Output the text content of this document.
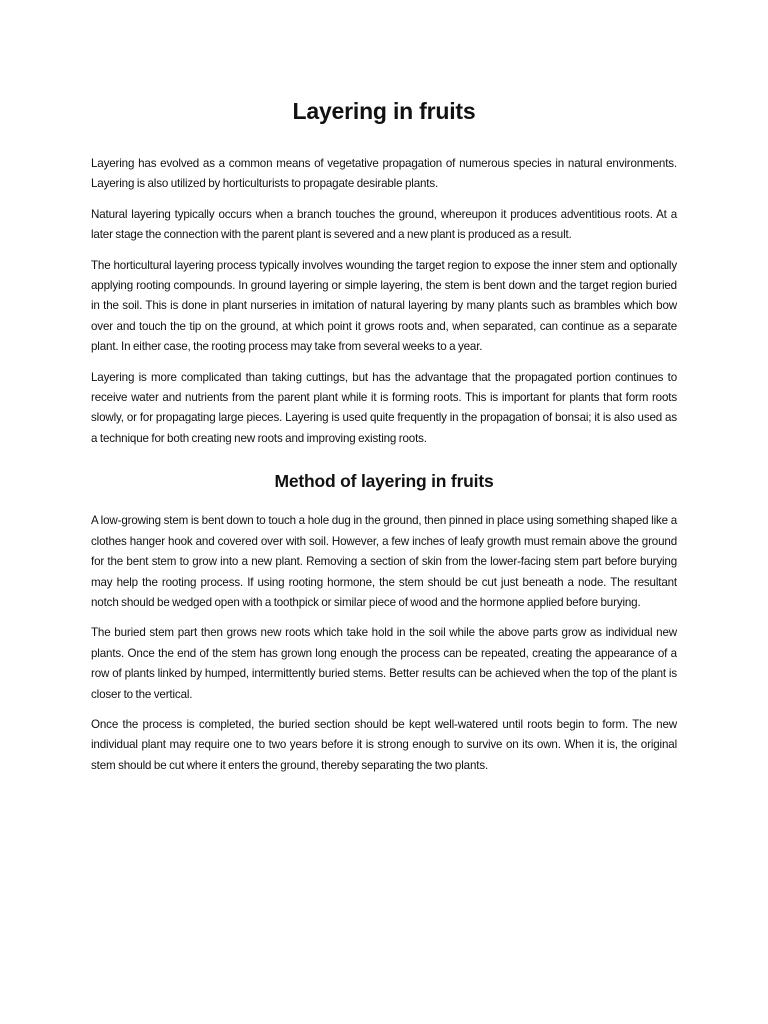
Layering in fruits

Layering has evolved as a common means of vegetative propagation of numerous species in natural environments. Layering is also utilized by horticulturists to propagate desirable plants.

Natural layering typically occurs when a branch touches the ground, whereupon it produces adventitious roots. At a later stage the connection with the parent plant is severed and a new plant is produced as a result.

The horticultural layering process typically involves wounding the target region to expose the inner stem and optionally applying rooting compounds. In ground layering or simple layering, the stem is bent down and the target region buried in the soil. This is done in plant nurseries in imitation of natural layering by many plants such as brambles which bow over and touch the tip on the ground, at which point it grows roots and, when separated, can continue as a separate plant. In either case, the rooting process may take from several weeks to a year.

Layering is more complicated than taking cuttings, but has the advantage that the propagated portion continues to receive water and nutrients from the parent plant while it is forming roots. This is important for plants that form roots slowly, or for propagating large pieces. Layering is used quite frequently in the propagation of bonsai; it is also used as a technique for both creating new roots and improving existing roots.

Method of layering in fruits

A low-growing stem is bent down to touch a hole dug in the ground, then pinned in place using something shaped like a clothes hanger hook and covered over with soil. However, a few inches of leafy growth must remain above the ground for the bent stem to grow into a new plant. Removing a section of skin from the lower-facing stem part before burying may help the rooting process. If using rooting hormone, the stem should be cut just beneath a node. The resultant notch should be wedged open with a toothpick or similar piece of wood and the hormone applied before burying.

The buried stem part then grows new roots which take hold in the soil while the above parts grow as individual new plants. Once the end of the stem has grown long enough the process can be repeated, creating the appearance of a row of plants linked by humped, intermittently buried stems. Better results can be achieved when the top of the plant is closer to the vertical.

Once the process is completed, the buried section should be kept well-watered until roots begin to form. The new individual plant may require one to two years before it is strong enough to survive on its own. When it is, the original stem should be cut where it enters the ground, thereby separating the two plants.
